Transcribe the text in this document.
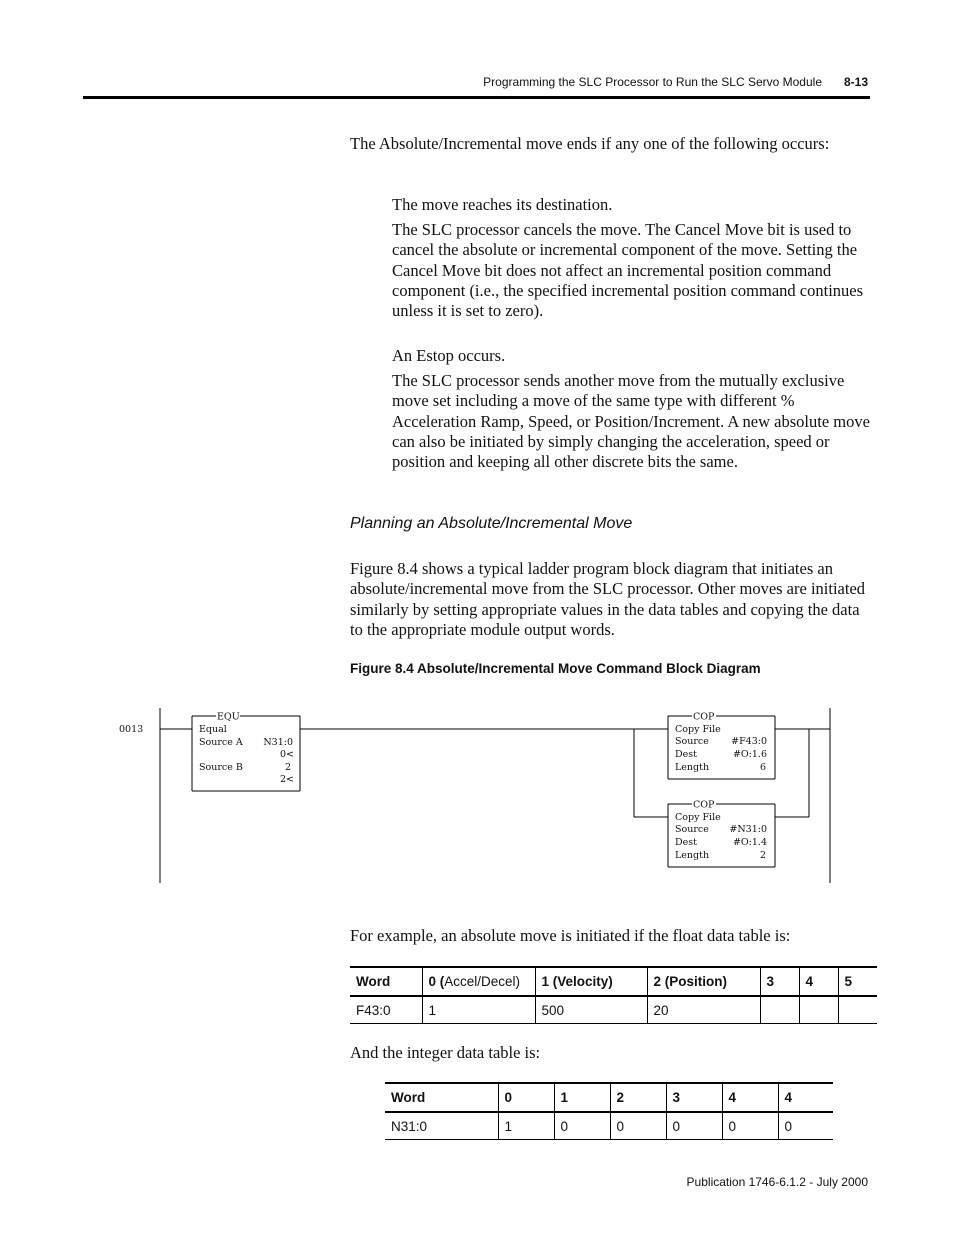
Programming the SLC Processor to Run the SLC Servo Module	8-13

The Absolute/Incremental move ends if any one of the following occurs:

The move reaches its destination.

The SLC processor cancels the move. The Cancel Move bit is used to cancel the absolute or incremental component of the move. Setting the Cancel Move bit does not affect an incremental position command component (i.e., the specified incremental position command continues unless it is set to zero).

An Estop occurs.

The SLC processor sends another move from the mutually exclusive move set including a move of the same type with different % Acceleration Ramp, Speed, or Position/Increment. A new absolute move can also be initiated by simply changing the acceleration, speed or position and keeping all other discrete bits the same.

Planning an Absolute/Incremental Move

Figure 8.4 shows a typical ladder program block diagram that initiates an absolute/incremental move from the SLC processor. Other moves are initiated similarly by setting appropriate values in the data tables and copying the data to the appropriate module output words.

Figure 8.4 Absolute/Incremental Move Command Block Diagram
0013
EQU
Equal
Source A N31:0
0<
Source B	2
2<
COP
Copy File
Source #F43:0
Dest	#O:1.6
Length	6
COP
Copy File
Source #N31:0
Dest	#O:1.4
Length	2

For example, an absolute move is initiated if the float data table is:

Word	0 (Accel/Decel)	1 (Velocity)	2 (Position)	3	4	5
F43:0	1	500	20			

And the integer data table is:

Word	0	1	2	3	4	4
N31:0	1	0	0	0	0	0
Publication 1746-6.1.2 - July 2000
